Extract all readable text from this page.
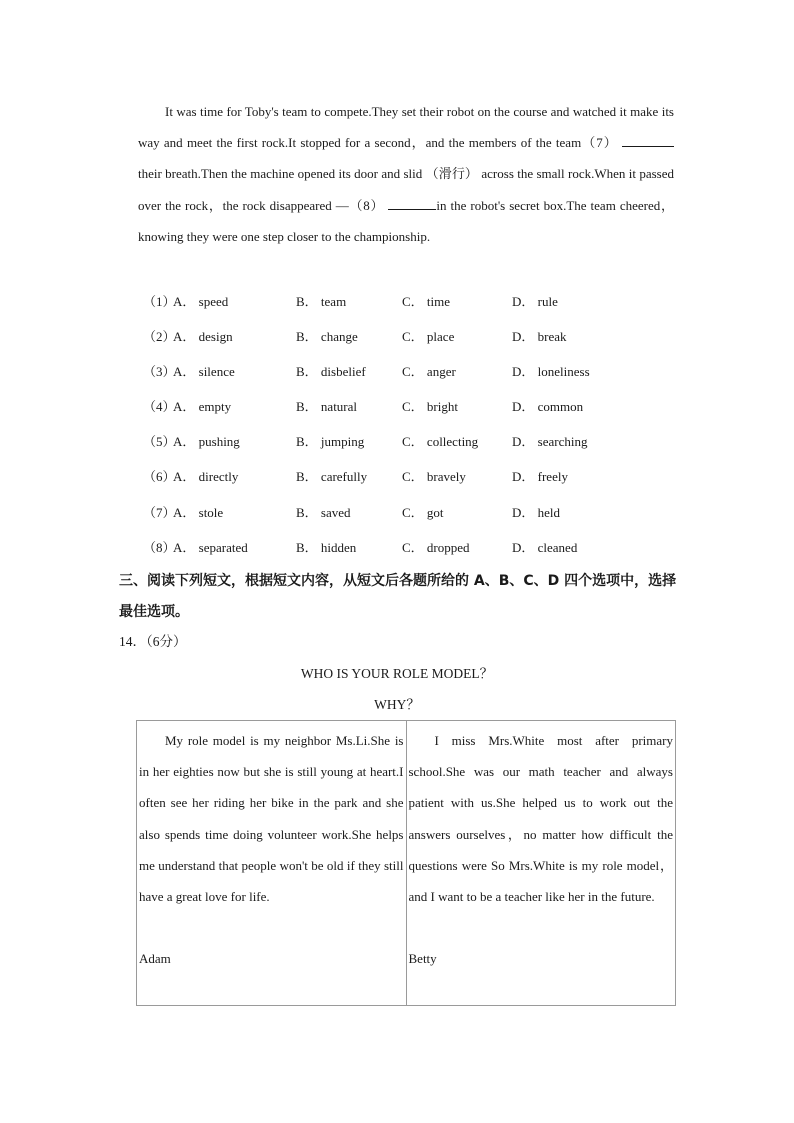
It was time for Toby's team to compete.They set their robot on the course and watched it make its way and meet the first rock.It stopped for a second，and the members of the team（7）  their breath.Then the machine opened its door and slid （滑行） across the small rock.When it passed over the rock，the rock disappeared —（8）	in the robot's secret box.The team cheered，knowing they were one step closer to the championship.

（1）
A． speed	B． team	C． time	D． rule
（2）
A． design	B． change	C． place	D． break
（3）
A． silence	B． disbelief	C． anger	D． loneliness
（4）
A． empty	B． natural	C． bright	D． common
（5）
A． pushing	B． jumping	C． collecting	D． searching
（6）
A． directly	B． carefully	C． bravely	D． freely
（7）
A． stole	B． saved	C． got	D． held
（8）
A． separated	B． hidden	C． dropped	D． cleaned
三、阅读下列短文，根据短文内容，从短文后各题所给的 A、B、C、D 四个选项中，选择最佳选项。
14．（6分）
WHO IS YOUR ROLE MODEL？
WHY？

My role model is my neighbor Ms.Li.She is in her eighties now but she is still young at heart.I often see her riding her bike in the park and she also spends time doing volunteer work.She helps me understand that people won't be old if they still have a great love for life.

Adam

I miss Mrs.White most after primary school.She was our math teacher and always patient with us.She helped us to work out the answers ourselves，no matter how difficult the questions were So Mrs.White is my role model，and I want to be a teacher like her in the future.

Betty
